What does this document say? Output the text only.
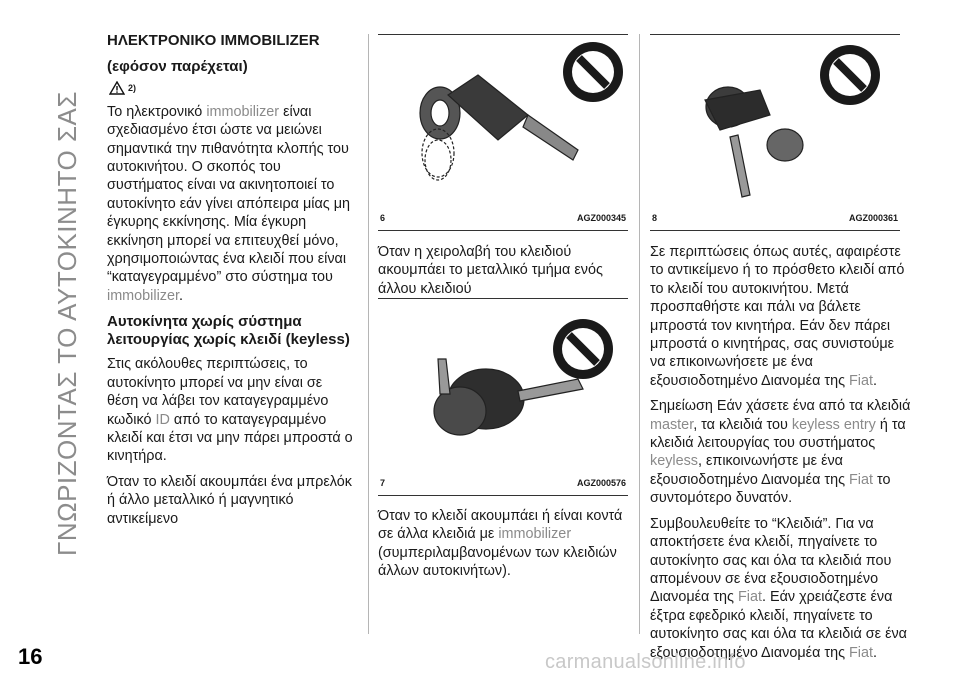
ΓΝΩΡΙΖΟΝΤΑΣ ΤΟ ΑΥΤΟΚΙΝΗΤΟ ΣΑΣ
ΗΛΕΚΤΡΟΝΙΚΟ IMMOBILIZER
(εφόσον παρέχεται)
2)

Το ηλεκτρονικό immobilizer είναι σχεδιασμένο έτσι ώστε να μειώνει σημαντικά την πιθανότητα κλοπής του αυτοκινήτου. Ο σκοπός του συστήματος είναι να ακινητοποιεί το αυτοκίνητο εάν γίνει απόπειρα μίας μη έγκυρης εκκίνησης. Μία έγκυρη εκκίνηση μπορεί να επιτευχθεί μόνο, χρησιμοποιώντας ένα κλειδί που είναι “καταγεγραμμένο” στο σύστημα του immobilizer.

Αυτοκίνητα χωρίς σύστημα λειτουργίας χωρίς κλειδί (keyless)

Στις ακόλουθες περιπτώσεις, το αυτοκίνητο μπορεί να μην είναι σε θέση να λάβει τον καταγεγραμμένο κωδικό ID από το καταγεγραμμένο κλειδί και έτσι να μην πάρει μπροστά ο κινητήρα.

Όταν το κλειδί ακουμπάει ένα μπρελόκ ή άλλο μεταλλικό ή μαγνητικό αντικείμενο

6	AGZ000345

Όταν η χειρολαβή του κλειδιού ακουμπάει το μεταλλικό τμήμα ενός άλλου κλειδιού

7	AGZ000576

Όταν το κλειδί ακουμπάει ή είναι κοντά σε άλλα κλειδιά με immobilizer (συμπεριλαμβανομένων των κλειδιών άλλων αυτοκινήτων).

8	AGZ000361

Σε περιπτώσεις όπως αυτές, αφαιρέστε το αντικείμενο ή το πρόσθετο κλειδί από το κλειδί του αυτοκινήτου. Μετά προσπαθήστε και πάλι να βάλετε μπροστά τον κινητήρα. Εάν δεν πάρει μπροστά ο κινητήρας, σας συνιστούμε να επικοινωνήσετε με ένα εξουσιοδοτημένο Διανομέα της Fiat.

Σημείωση Εάν χάσετε ένα από τα κλειδιά master, τα κλειδιά του keyless entry ή τα κλειδιά λειτουργίας του συστήματος keyless, επικοινωνήστε με ένα εξουσιοδοτημένο Διανομέα της Fiat το συντομότερο δυνατόν.

Συμβουλευθείτε το “Κλειδιά”. Για να αποκτήσετε ένα κλειδί, πηγαίνετε το αυτοκίνητο σας και όλα τα κλειδιά που απομένουν σε ένα εξουσιοδοτημένο Διανομέα της Fiat. Εάν χρειάζεστε ένα έξτρα εφεδρικό κλειδί, πηγαίνετε το αυτοκίνητο σας και όλα τα κλειδιά σε ένα εξουσιοδοτημένο Διανομέα της Fiat.

16	carmanualsonline.info
